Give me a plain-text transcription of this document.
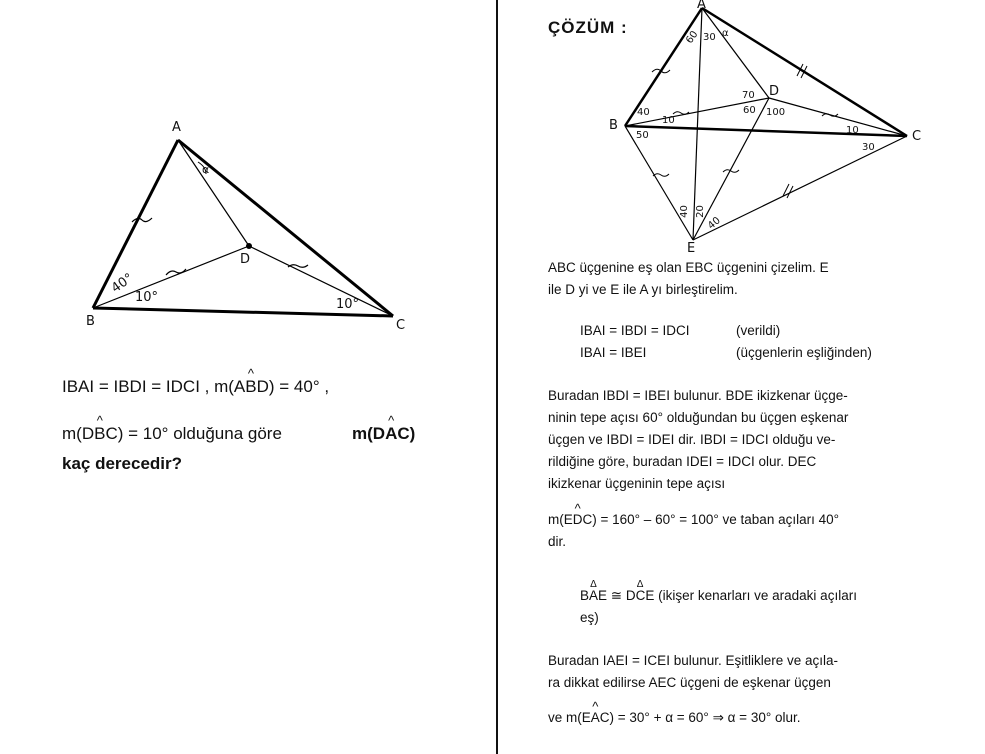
A
B	C
D
α
40°
10°	10°
IBAI = IBDI = IDCI , m(A^ BD) = 40° ,
m(D^ BC) = 10° olduğuna göre	m(D^ AC)
kaç derecedir?
ÇÖZÜM :
A
B
C
D
E
60 30 α
70
60 100
40
10
50	10
30
40 20
40
ABC üçgenine eş olan EBC üçgenini çizelim. E
ile D yi ve E ile A yı birleştirelim.
IBAI = IBDI = IDCI	(verildi)
IBAI = IBEI	(üçgenlerin eşliğinden)
Buradan IBDI = IBEI bulunur. BDE ikizkenar üçge-
ninin tepe açısı 60° olduğundan bu üçgen eşkenar
üçgen ve IBDI = IDEI dir. IBDI = IDCI olduğu ve-
rildiğine göre, buradan IDEI = IDCI olur. DEC
ikizkenar üçgeninin tepe açısı
m(E^ DC) = 160° – 60° = 100° ve taban açıları 40°
dir.
Δ BAE ≅ Δ DCE (ikişer kenarları ve aradaki açıları
eş)
Buradan IAEI = ICEI bulunur. Eşitliklere ve açıla-
ra dikkat edilirse AEC üçgeni de eşkenar üçgen
ve m(E^ AC) = 30° + α = 60° ⇒ α = 30° olur.
